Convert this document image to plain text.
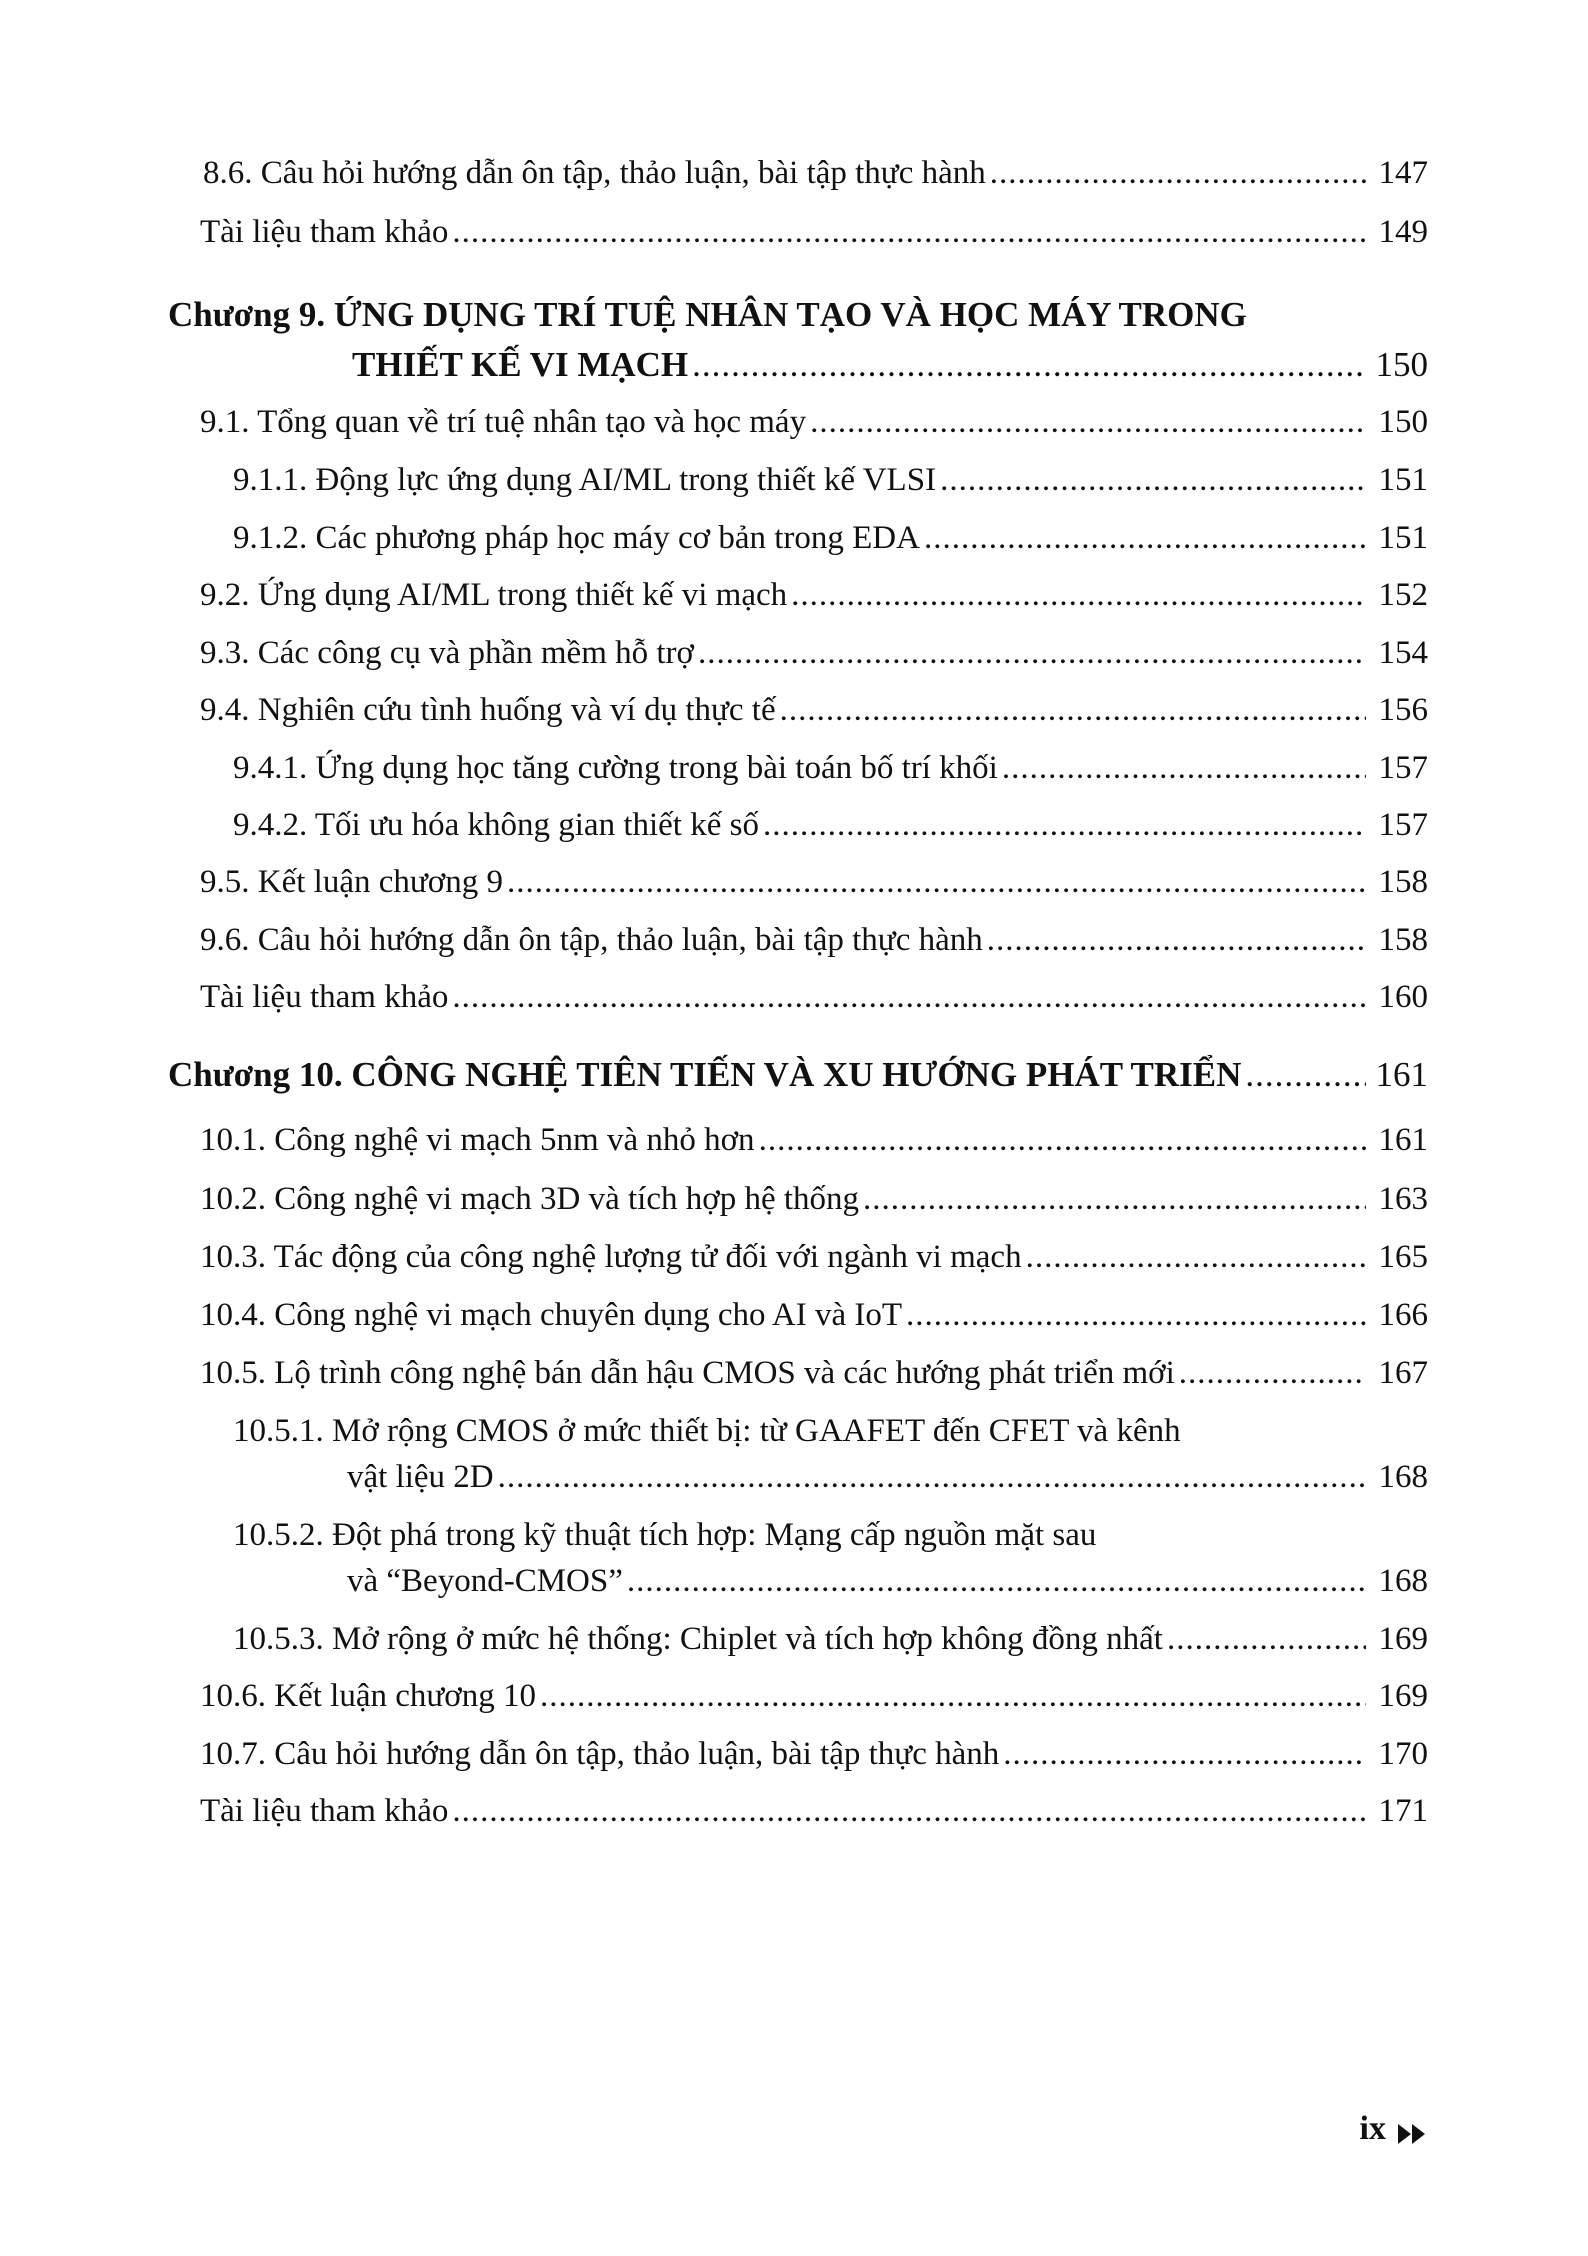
8.6. Câu hỏi hướng dẫn ôn tập, thảo luận, bài tập thực hành .....	147
Tài liệu tham khảo .....	149
Chương 9. ỨNG DỤNG TRÍ TUỆ NHÂN TẠO VÀ HỌC MÁY TRONG
THIẾT KẾ VI MẠCH .....	150
9.1. Tổng quan về trí tuệ nhân tạo và học máy .....	150
9.1.1. Động lực ứng dụng AI/ML trong thiết kế VLSI .....	151
9.1.2. Các phương pháp học máy cơ bản trong EDA .....	151
9.2. Ứng dụng AI/ML trong thiết kế vi mạch .....	152
9.3. Các công cụ và phần mềm hỗ trợ .....	154
9.4. Nghiên cứu tình huống và ví dụ thực tế .....	156
9.4.1. Ứng dụng học tăng cường trong bài toán bố trí khối .....	157
9.4.2. Tối ưu hóa không gian thiết kế số .....	157
9.5. Kết luận chương 9 .....	158
9.6. Câu hỏi hướng dẫn ôn tập, thảo luận, bài tập thực hành .....	158
Tài liệu tham khảo .....	160
Chương 10. CÔNG NGHỆ TIÊN TIẾN VÀ XU HƯỚNG PHÁT TRIỂN .....	161
10.1. Công nghệ vi mạch 5nm và nhỏ hơn .....	161
10.2. Công nghệ vi mạch 3D và tích hợp hệ thống .....	163
10.3. Tác động của công nghệ lượng tử đối với ngành vi mạch .....	165
10.4. Công nghệ vi mạch chuyên dụng cho AI và IoT .....	166
10.5. Lộ trình công nghệ bán dẫn hậu CMOS và các hướng phát triển mới .....	167
10.5.1. Mở rộng CMOS ở mức thiết bị: từ GAAFET đến CFET và kênh
vật liệu 2D .....	168
10.5.2. Đột phá trong kỹ thuật tích hợp: Mạng cấp nguồn mặt sau
và “Beyond-CMOS” .....	168
10.5.3. Mở rộng ở mức hệ thống: Chiplet và tích hợp không đồng nhất .....	169
10.6. Kết luận chương 10 .....	169
10.7. Câu hỏi hướng dẫn ôn tập, thảo luận, bài tập thực hành .....	170
Tài liệu tham khảo .....	171
ix
